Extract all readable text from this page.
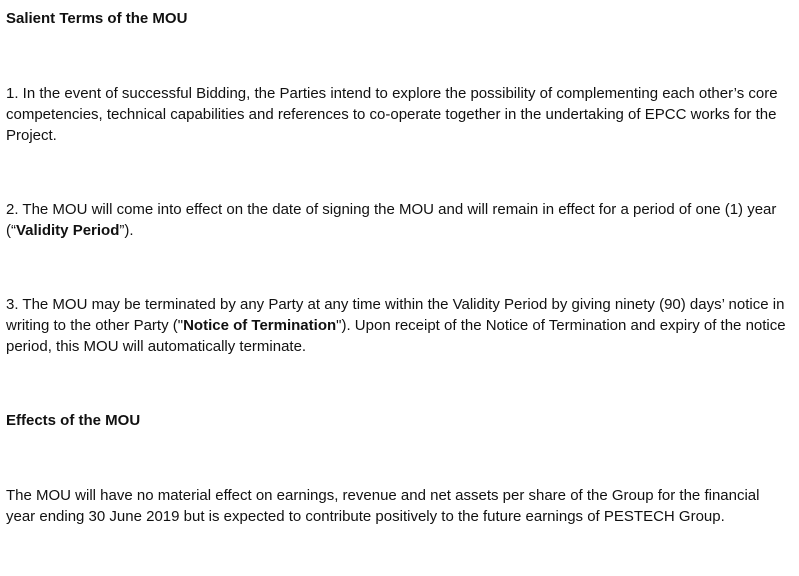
Salient Terms of the MOU

1. In the event of successful Bidding, the Parties intend to explore the possibility of complementing each other’s core competencies, technical capabilities and references to co-operate together in the undertaking of EPCC works for the Project.

2. The MOU will come into effect on the date of signing the MOU and will remain in effect for a period of one (1) year (“Validity Period”).

3. The MOU may be terminated by any Party at any time within the Validity Period by giving ninety (90) days’ notice in writing to the other Party ("Notice of Termination"). Upon receipt of the Notice of Termination and expiry of the notice period, this MOU will automatically terminate.

Effects of the MOU

The MOU will have no material effect on earnings, revenue and net assets per share of the Group for the financial year ending 30 June 2019 but is expected to contribute positively to the future earnings of PESTECH Group.
